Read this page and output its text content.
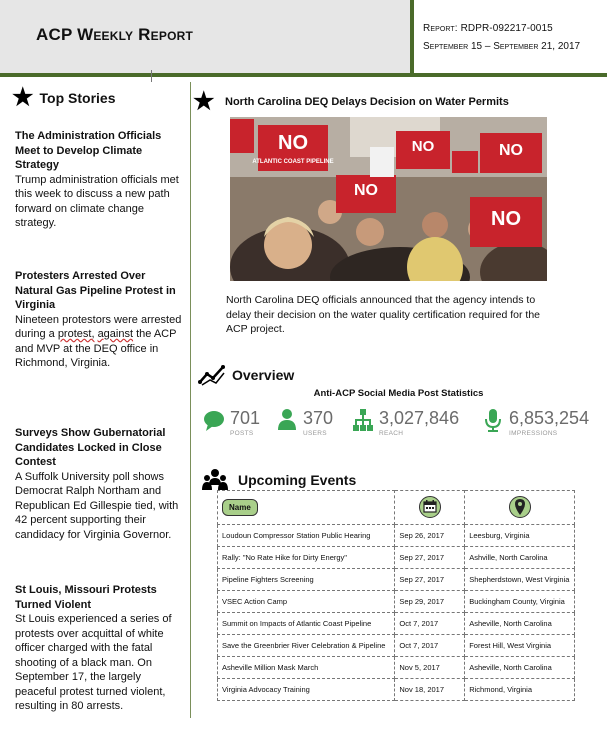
ACP Weekly Report	Report: RDPR-092217-0015
September 15 – September 21, 2017
★ Top Stories
The Administration Officials Meet to Develop Climate Strategy
Trump administration officials met this week to discuss a new path forward on climate change strategy.
Protesters Arrested Over Natural Gas Pipeline Protest in Virginia
Nineteen protestors were arrested during a protest, against the ACP and MVP at the DEQ office in Richmond, Virginia.
Surveys Show Gubernatorial Candidates Locked in Close Contest
A Suffolk University poll shows Democrat Ralph Northam and Republican Ed Gillespie tied, with 42 percent supporting their candidacy for Virginia Governor.
St Louis, Missouri Protests Turned Violent
St Louis experienced a series of protests over acquittal of white officer charged with the fatal shooting of a black man. On September 17, the largely peaceful protest turned violent, resulting in 80 arrests.
★ North Carolina DEQ Delays Decision on Water Permits
NO
ATLANTIC COAST PIPELINE
NO
NO	NO
NO
North Carolina DEQ officials announced that the agency intends to delay their decision on the water quality certification required for the ACP project.
Overview
Anti-ACP Social Media Post Statistics
701
POSTS
370
USERS
3,027,846
REACH
6,853,254
IMPRESSIONS
Upcoming Events
Name		
Loudoun Compressor Station Public Hearing	Sep 26, 2017	Leesburg, Virginia
Rally: "No Rate Hike for Dirty Energy"	Sep 27, 2017	Ashville, North Carolina
Pipeline Fighters Screening	Sep 27, 2017	Shepherdstown, West Virginia
VSEC Action Camp	Sep 29, 2017	Buckingham County, Virginia
Summit on Impacts of Atlantic Coast Pipeline	Oct 7, 2017	Asheville, North Carolina
Save the Greenbrier River Celebration & Pipeline	Oct 7, 2017	Forest Hill, West Virginia
Asheville Million Mask March	Nov 5, 2017	Asheville, North Carolina
Virginia Advocacy Training	Nov 18, 2017	Richmond, Virginia
